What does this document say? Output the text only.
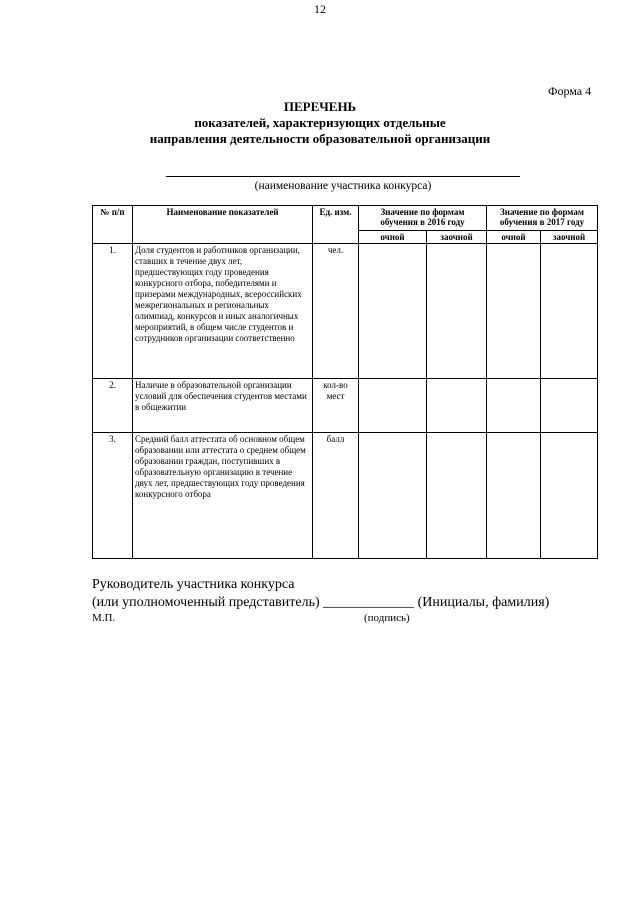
12
Форма 4
ПЕРЕЧЕНЬ
показателей, характеризующих отдельные
направления деятельности образовательной организации
(наименование участника конкурса)
№ п/п	Наименование показателей	Ед. изм.	Значение по формам обучения в 2016 году		Значение по формам обучения в 2017 году	
			очной	заочной	очной	заочной
1.	Доля студентов и работников организации, ставших в течение двух лет, предшествующих году проведения конкурсного отбора, победителями и призерами международных, всероссийских межрегиональных и региональных олимпиад, конкурсов и иных аналогичных мероприятий, в общем числе студентов и сотрудников организации соответственно	чел.				
2.	Наличие в образовательной организации условий для обеспечения студентов местами в общежитии	кол-во мест				
3.	Средний балл аттестата об основном общем образовании или аттестата о среднем общем образовании граждан, поступивших в образовательную организацию в течение двух лет, предшествующих году проведения конкурсного отбора	балл				
Руководитель участника конкурса
(или уполномоченный представитель) _____________ (Инициалы, фамилия)
М.П.	(подпись)
